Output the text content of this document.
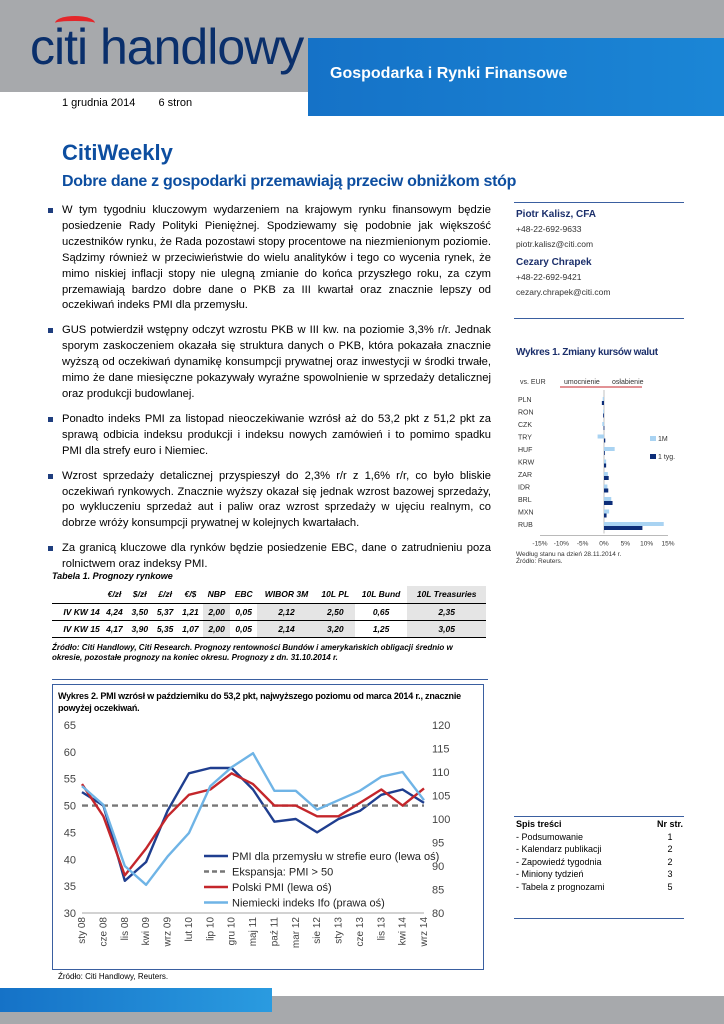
citi handlowy Gospodarka i Rynki Finansowe
1 grudnia 2014 6 stron
CitiWeekly
Dobre dane z gospodarki przemawiają przeciw obniżkom stóp

W tym tygodniu kluczowym wydarzeniem na krajowym rynku finansowym będzie posiedzenie Rady Polityki Pieniężnej. Spodziewamy się podobnie jak większość uczestników rynku, że Rada pozostawi stopy procentowe na niezmienionym poziomie. Sądzimy również w przeciwieństwie do wielu analityków i tego co wycenia rynek, że mimo niskiej inflacji stopy nie ulegną zmianie do końca przyszłego roku, za czym przemawiają bardzo dobre dane o PKB za III kwartał oraz znacznie lepszy od oczekiwań indeks PMI dla przemysłu.

GUS potwierdził wstępny odczyt wzrostu PKB w III kw. na poziomie 3,3% r/r. Jednak sporym zaskoczeniem okazała się struktura danych o PKB, która pokazała znacznie wyższą od oczekiwań dynamikę konsumpcji prywatnej oraz inwestycji w środki trwałe, mimo że dane miesięczne pokazywały wyraźne spowolnienie w sprzedaży detalicznej oraz produkcji budowlanej.

Ponadto indeks PMI za listopad nieoczekiwanie wzrósł aż do 53,2 pkt z 51,2 pkt za sprawą odbicia indeksu produkcji i indeksu nowych zamówień i to pomimo spadku PMI dla strefy euro i Niemiec.

Wzrost sprzedaży detalicznej przyspieszył do 2,3% r/r z 1,6% r/r, co było bliskie oczekiwań rynkowych. Znacznie wyższy okazał się jednak wzrost bazowej sprzedaży, po wykluczeniu sprzedaż aut i paliw oraz wzrost sprzedaży w ujęciu realnym, co dobrze wróży konsumpcji prywatnej w kolejnych kwartałach.

Za granicą kluczowe dla rynków będzie posiedzenie EBC, dane o zatrudnieniu poza rolnictwem oraz indeksy PMI.

Piotr Kalisz, CFA
+48-22-692-9633
piotr.kalisz@citi.com
Cezary Chrapek
+48-22-692-9421
cezary.chrapek@citi.com
Wykres 1. Zmiany kursów walut
vs. EUR	umocnienie osłabienie
PLN
RON
CZK
TRY
HUF
KRW
ZAR
IDR
BRL
MXN
RUB
-15% -10% -5% 0% 5% 10% 15%
1M
1 tyg.
Według stanu na dzień 28.11.2014 r.
Źródło: Reuters.
Tabela 1. Prognozy rynkowe
	€/zł	$/zł	£/zł	€/$	NBP	EBC	WIBOR 3M	10L PL	10L Bund	10L Treasuries
IV KW 14	4,24	3,50	5,37	1,21	2,00	0,05	2,12	2,50	0,65	2,35
IV KW 15	4,17	3,90	5,35	1,07	2,00	0,05	2,14	3,20	1,25	3,05
Źródło: Citi Handlowy, Citi Research. Prognozy rentowności Bundów i amerykańskich obligacji średnio w okresie, pozostałe prognozy na koniec okresu. Prognozy z dn. 31.10.2014 r.
Wykres 2. PMI wzrósł w październiku do 53,2 pkt, najwyższego poziomu od marca 2014 r., znacznie powyżej oczekiwań.
30
35
40
45
50
55
60
65
80
85
90
95
100
105
110
115
120
sty 08 cze 08 lis 08 kwi 09 wrz 09 lut 10 lip 10 gru 10 maj 11 paź 11 mar 12 sie 12 sty 13 cze 13 lis 13 kwi 14 wrz 14
PMI dla przemysłu w strefie euro (lewa oś)
Ekspansja: PMI > 50
Polski PMI (lewa oś)
Niemiecki indeks Ifo (prawa oś)
Źródło: Citi Handlowy, Reuters.
Spis treści	Nr str.
- Podsumowanie	1
- Kalendarz publikacji	2
- Zapowiedź tygodnia	2
- Miniony tydzień	3
- Tabela z prognozami	5
